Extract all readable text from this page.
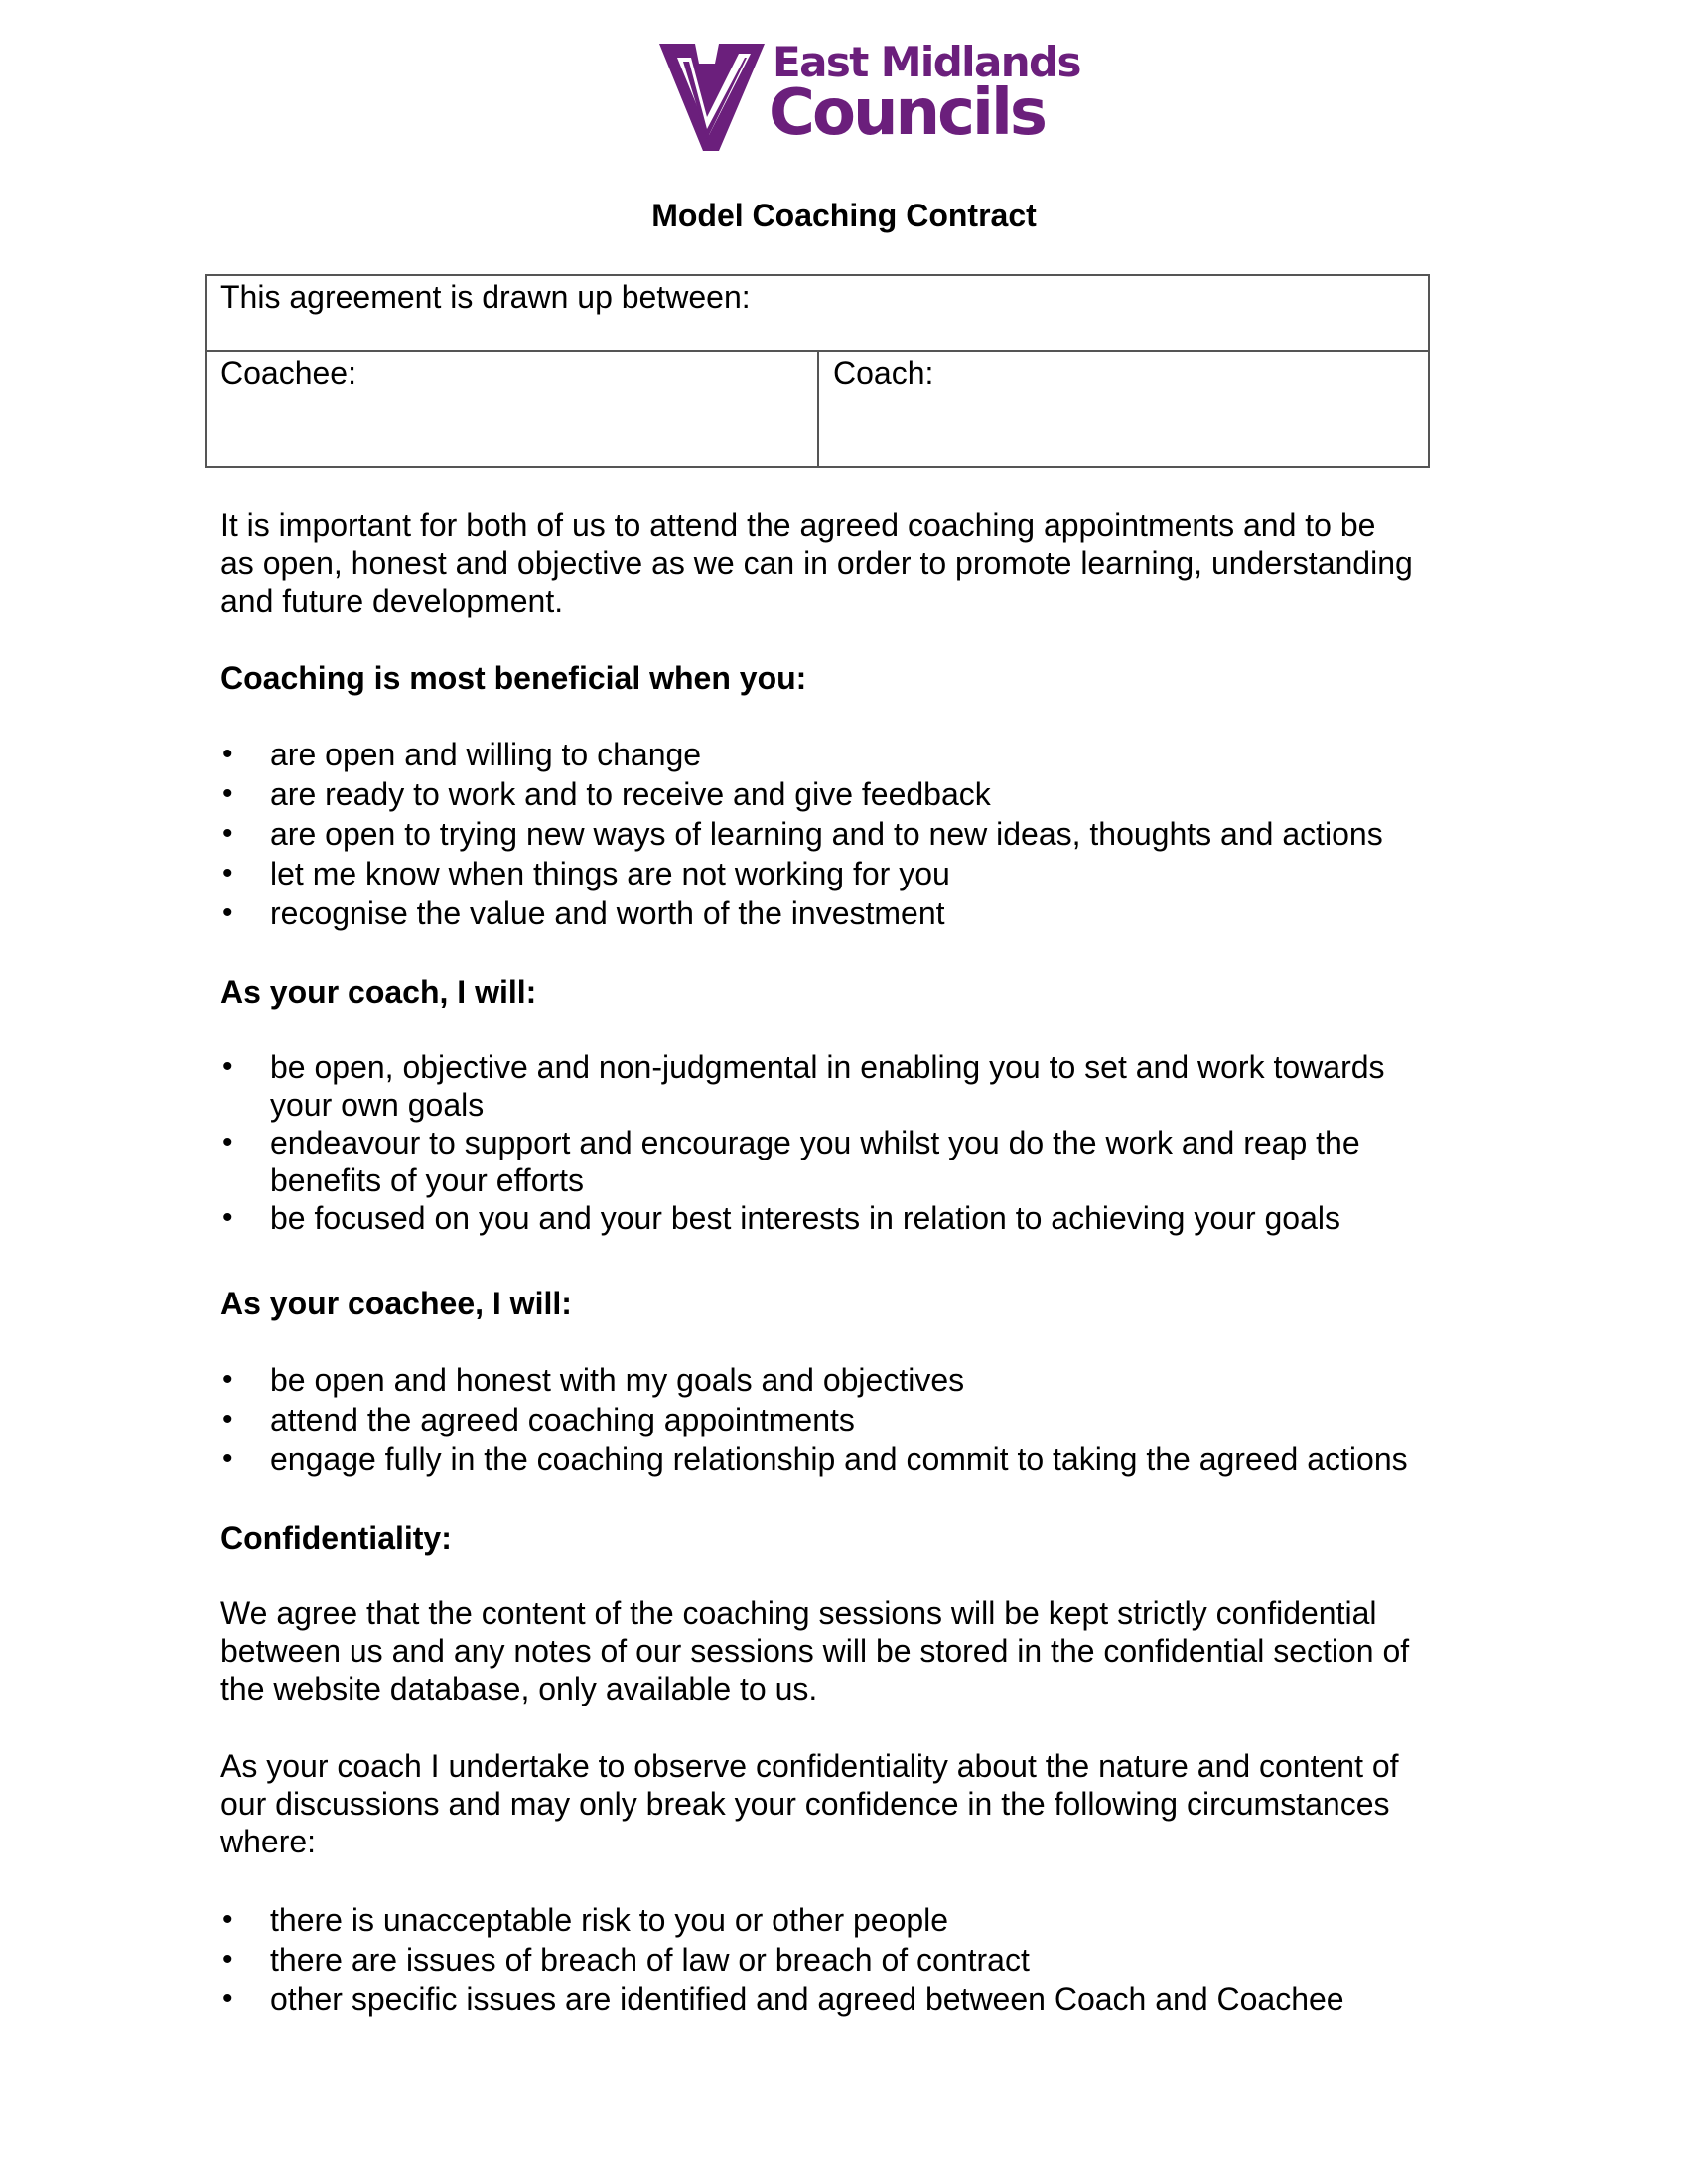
East Midlands
Councils
Model Coaching Contract
This agreement is drawn up between:
Coachee:	Coach:

It is important for both of us to attend the agreed coaching appointments and to be
as open, honest and objective as we can in order to promote learning, understanding
and future development.

Coaching is most beneficial when you:
• are open and willing to change
• are ready to work and to receive and give feedback
• are open to trying new ways of learning and to new ideas, thoughts and actions
• let me know when things are not working for you
• recognise the value and worth of the investment
As your coach, I will:
• be open, objective and non-judgmental in enabling you to set and work towards
your own goals
• endeavour to support and encourage you whilst you do the work and reap the
benefits of your efforts
• be focused on you and your best interests in relation to achieving your goals
As your coachee, I will:
• be open and honest with my goals and objectives
• attend the agreed coaching appointments
• engage fully in the coaching relationship and commit to taking the agreed actions
Confidentiality:

We agree that the content of the coaching sessions will be kept strictly confidential
between us and any notes of our sessions will be stored in the confidential section of
the website database, only available to us.

As your coach I undertake to observe confidentiality about the nature and content of
our discussions and may only break your confidence in the following circumstances
where:

• there is unacceptable risk to you or other people
• there are issues of breach of law or breach of contract
• other specific issues are identified and agreed between Coach and Coachee
